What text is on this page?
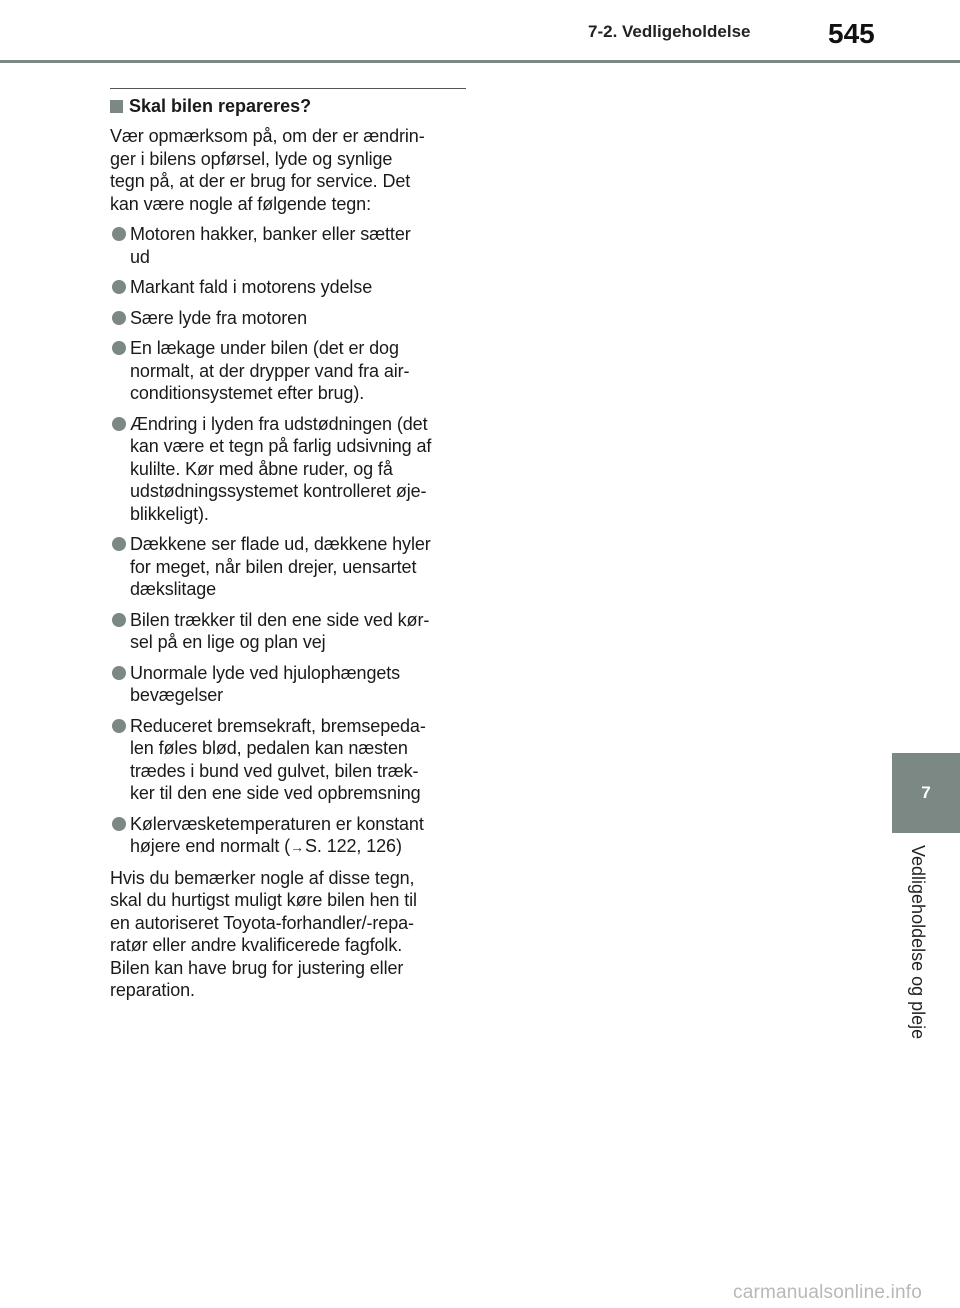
7-2. Vedligeholdelse	545
7
Vedligeholdelse og pleje
Skal bilen repareres?

Vær opmærksom på, om der er ændrin-
ger i bilens opførsel, lyde og synlige
tegn på, at der er brug for service. Det
kan være nogle af følgende tegn:

Motoren hakker, banker eller sætter
ud
Markant fald i motorens ydelse
Sære lyde fra motoren
En lækage under bilen (det er dog
normalt, at der drypper vand fra air-
conditionsystemet efter brug).
Ændring i lyden fra udstødningen (det
kan være et tegn på farlig udsivning af
kulilte. Kør med åbne ruder, og få
udstødningssystemet kontrolleret øje-
blikkeligt).
Dækkene ser flade ud, dækkene hyler
for meget, når bilen drejer, uensartet
dækslitage
Bilen trækker til den ene side ved kør-
sel på en lige og plan vej
Unormale lyde ved hjulophængets
bevægelser
Reduceret bremsekraft, bremsepeda-
len føles blød, pedalen kan næsten
trædes i bund ved gulvet, bilen træk-
ker til den ene side ved opbremsning
Kølervæsketemperaturen er konstant
højere end normalt (→S. 122, 126)

Hvis du bemærker nogle af disse tegn,
skal du hurtigst muligt køre bilen hen til
en autoriseret Toyota-forhandler/-repa-
ratør eller andre kvalificerede fagfolk.
Bilen kan have brug for justering eller
reparation.

carmanualsonline.info
